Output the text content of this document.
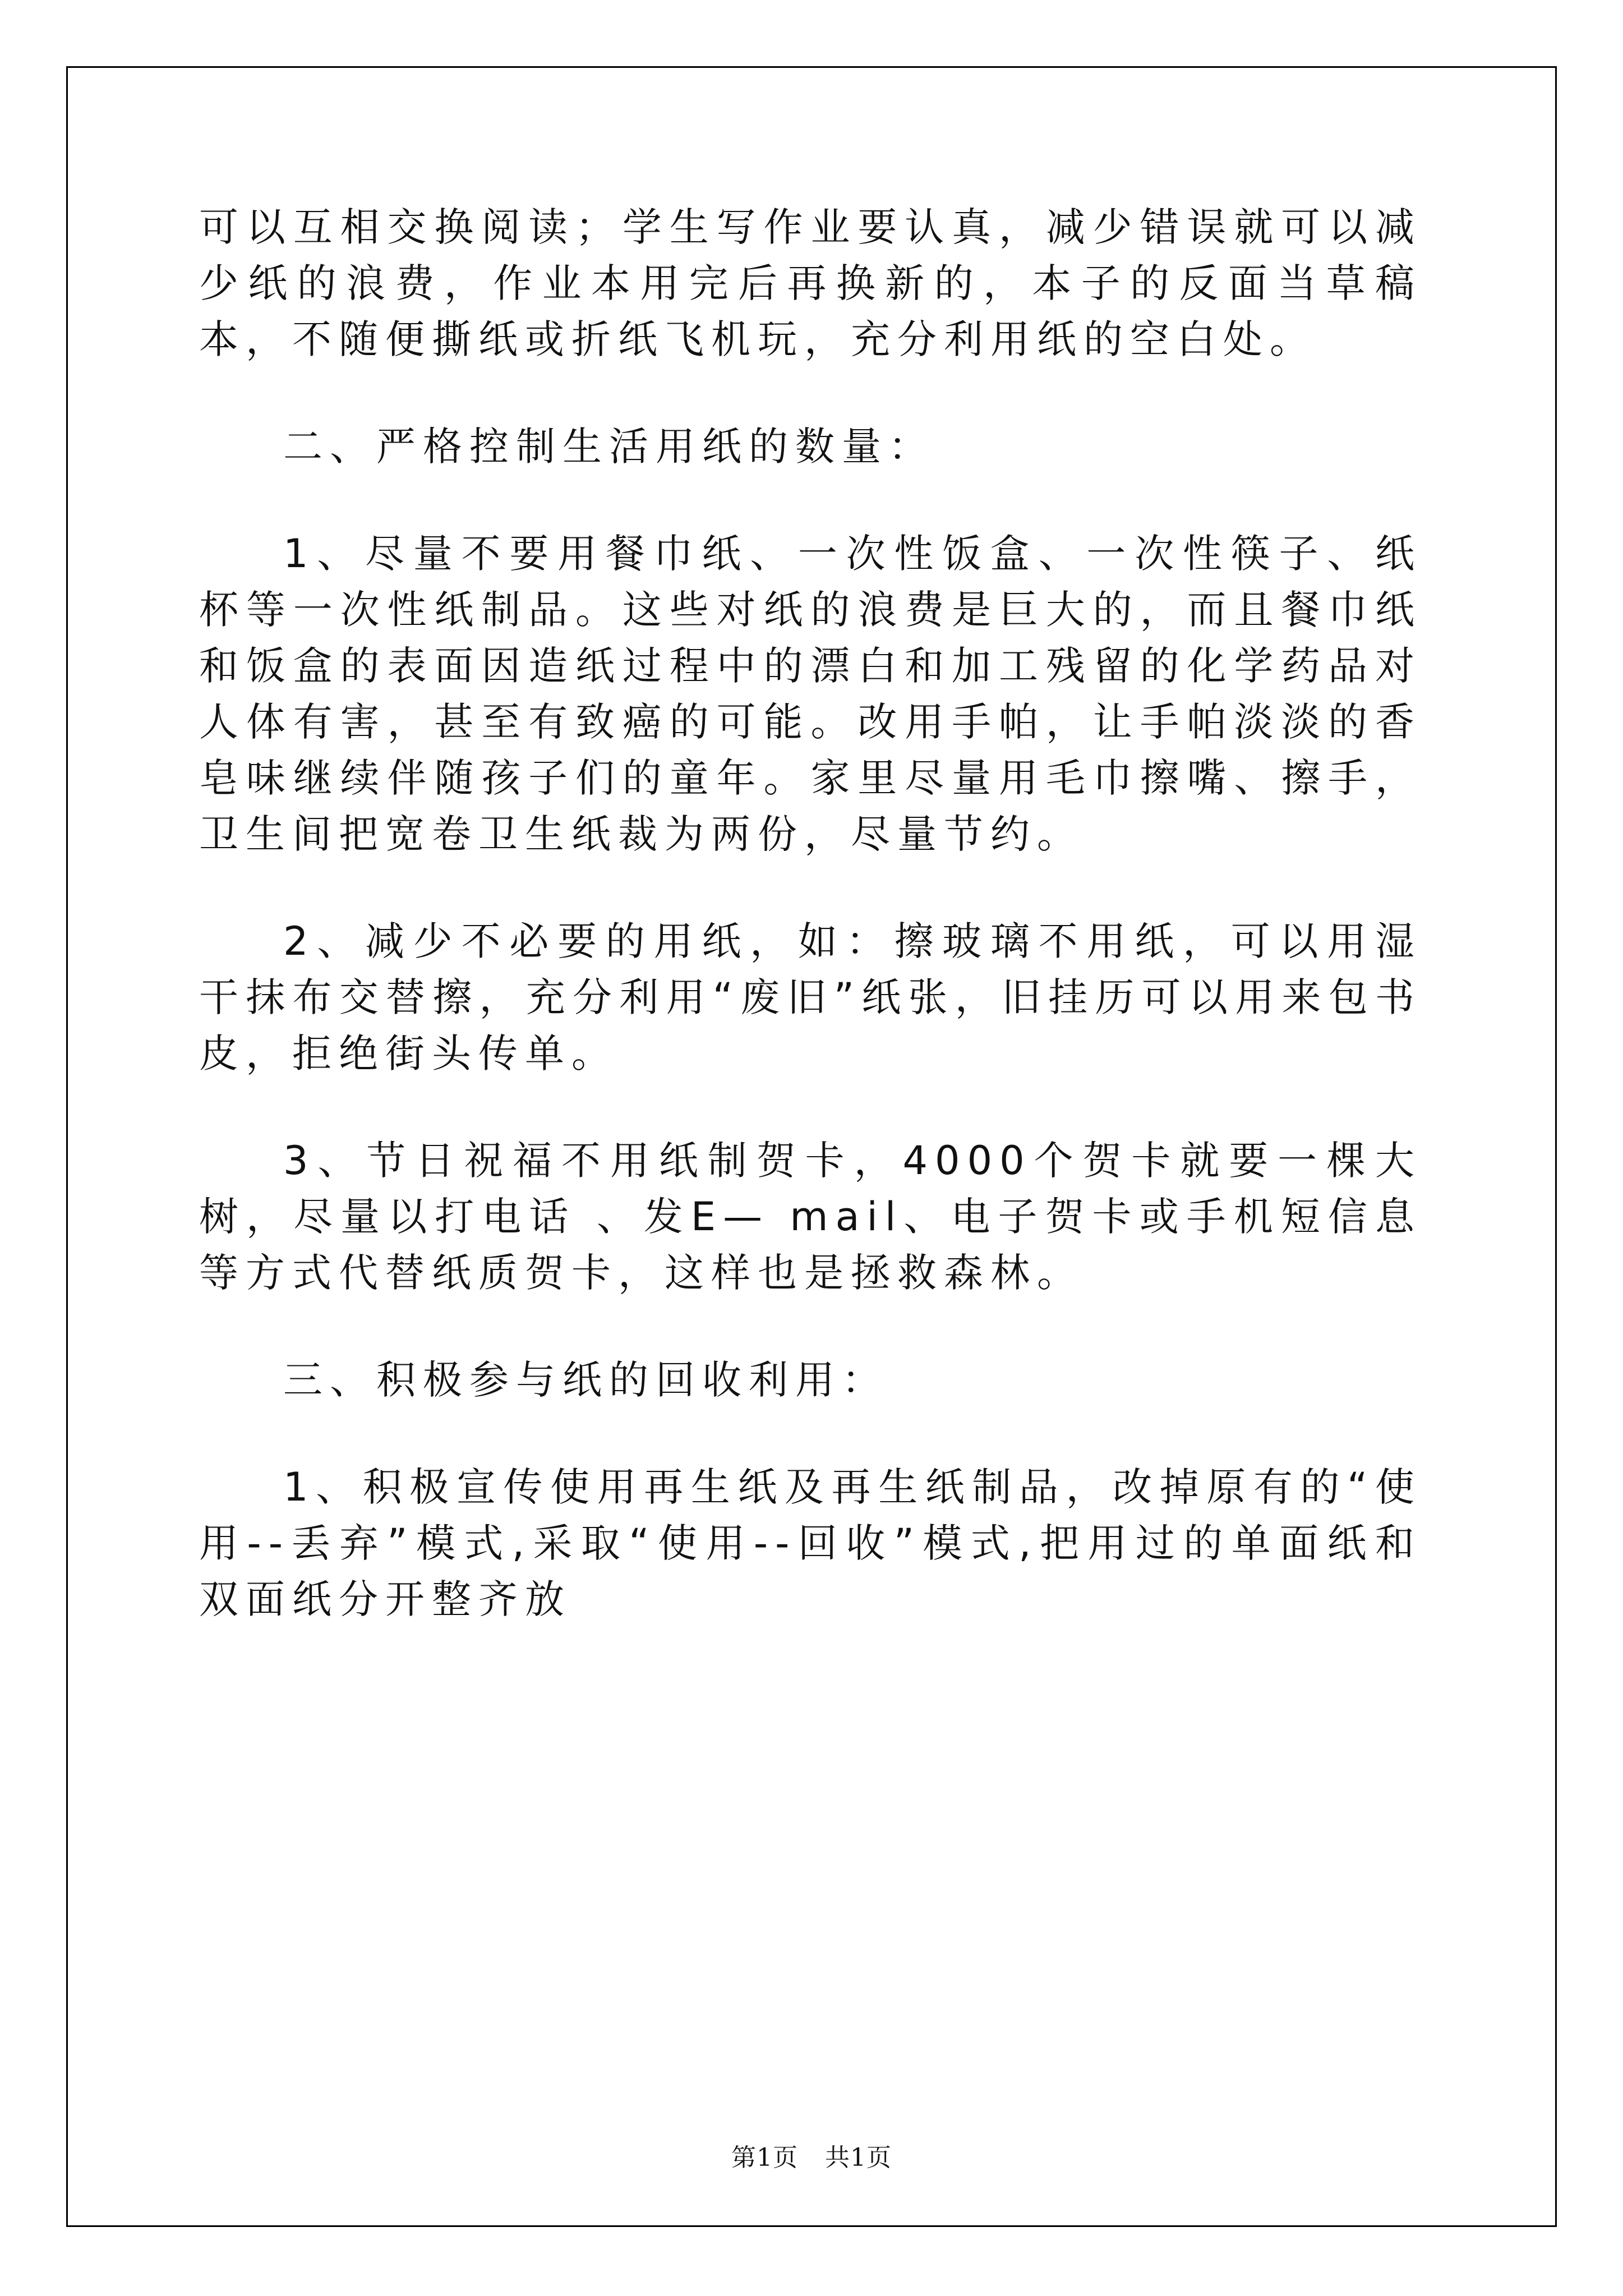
可以互相交换阅读；学生写作业要认真，减少错误就可以减少纸的浪费，作业本用完后再换新的，本子的反面当草稿本，不随便撕纸或折纸飞机玩，充分利用纸的空白处。

二、严格控制生活用纸的数量：

1、尽量不要用餐巾纸、一次性饭盒、一次性筷子、纸杯等一次性纸制品。这些对纸的浪费是巨大的，而且餐巾纸和饭盒的表面因造纸过程中的漂白和加工残留的化学药品对人体有害，甚至有致癌的可能。改用手帕，让手帕淡淡的香皂味继续伴随孩子们的童年。家里尽量用毛巾擦嘴、擦手，卫生间把宽卷卫生纸裁为两份，尽量节约。

2、减少不必要的用纸，如：擦玻璃不用纸，可以用湿干抹布交替擦，充分利用“废旧”纸张，旧挂历可以用来包书皮，拒绝街头传单。

3、节日祝福不用纸制贺卡，4000个贺卡就要一棵大树，尽量以打电话 、发E— mail、电子贺卡或手机短信息等方式代替纸质贺卡，这样也是拯救森林。

三、积极参与纸的回收利用：

1、积极宣传使用再生纸及再生纸制品，改掉原有的“使用--丢弃”模式,采取“使用--回收”模式,把用过的单面纸和双面纸分开整齐放

第1页 共1页
